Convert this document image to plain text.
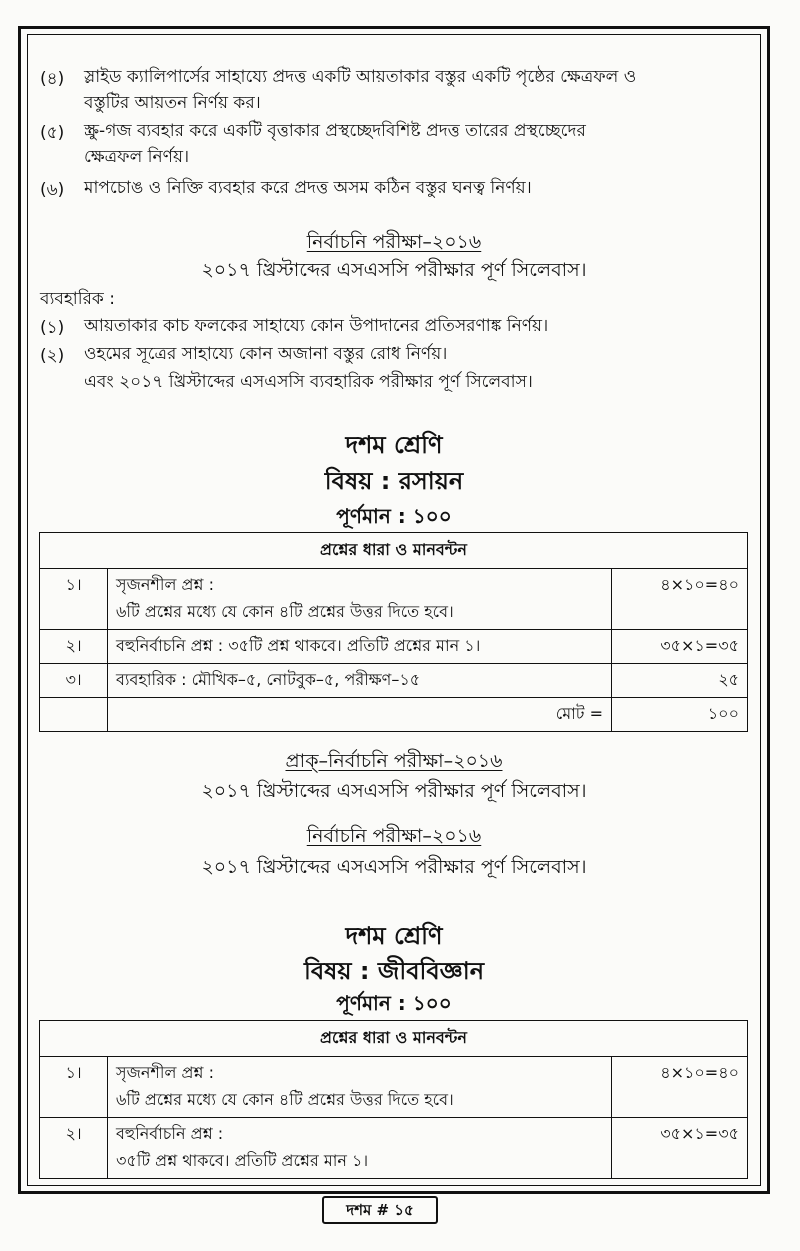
(৪) স্লাইড ক্যালিপার্সের সাহায্যে প্রদত্ত একটি আয়তাকার বস্তুর একটি পৃষ্ঠের ক্ষেত্রফল ও
বস্তুটির আয়তন নির্ণয় কর।
(৫) স্ক্রু-গজ ব্যবহার করে একটি বৃত্তাকার প্রস্থচ্ছেদবিশিষ্ট প্রদত্ত তারের প্রস্থচ্ছেদের
ক্ষেত্রফল নির্ণয়।
(৬) মাপচোঙ ও নিক্তি ব্যবহার করে প্রদত্ত অসম কঠিন বস্তুর ঘনত্ব নির্ণয়।
নির্বাচনি পরীক্ষা–২০১৬
২০১৭ খ্রিস্টাব্দের এসএসসি পরীক্ষার পূর্ণ সিলেবাস।
ব্যবহারিক :
(১) আয়তাকার কাচ ফলকের সাহায্যে কোন উপাদানের প্রতিসরণাঙ্ক নির্ণয়।
(২) ওহমের সূত্রের সাহায্যে কোন অজানা বস্তুর রোধ নির্ণয়।
এবং ২০১৭ খ্রিস্টাব্দের এসএসসি ব্যবহারিক পরীক্ষার পূর্ণ সিলেবাস।
দশম শ্রেণি
বিষয় : রসায়ন
পূর্ণমান : ১০০
প্রশ্নের ধারা ও মানবন্টন		
১।	সৃজনশীল প্রশ্ন :
৬টি প্রশ্নের মধ্যে যে কোন ৪টি প্রশ্নের উত্তর দিতে হবে।	৪×১০=৪০
২।	বহুনির্বাচনি প্রশ্ন : ৩৫টি প্রশ্ন থাকবে। প্রতিটি প্রশ্নের মান ১।	৩৫×১=৩৫
৩।	ব্যবহারিক : মৌখিক–৫, নোটবুক–৫, পরীক্ষণ–১৫	২৫
	মোট =	১০০
প্রাক্–নির্বাচনি পরীক্ষা–২০১৬
২০১৭ খ্রিস্টাব্দের এসএসসি পরীক্ষার পূর্ণ সিলেবাস।
নির্বাচনি পরীক্ষা–২০১৬
২০১৭ খ্রিস্টাব্দের এসএসসি পরীক্ষার পূর্ণ সিলেবাস।
দশম শ্রেণি
বিষয় : জীববিজ্ঞান
পূর্ণমান : ১০০
প্রশ্নের ধারা ও মানবন্টন		
১।	সৃজনশীল প্রশ্ন :
৬টি প্রশ্নের মধ্যে যে কোন ৪টি প্রশ্নের উত্তর দিতে হবে।	৪×১০=৪০
২।	বহুনির্বাচনি প্রশ্ন :
৩৫টি প্রশ্ন থাকবে। প্রতিটি প্রশ্নের মান ১।	৩৫×১=৩৫
দশম # ১৫
